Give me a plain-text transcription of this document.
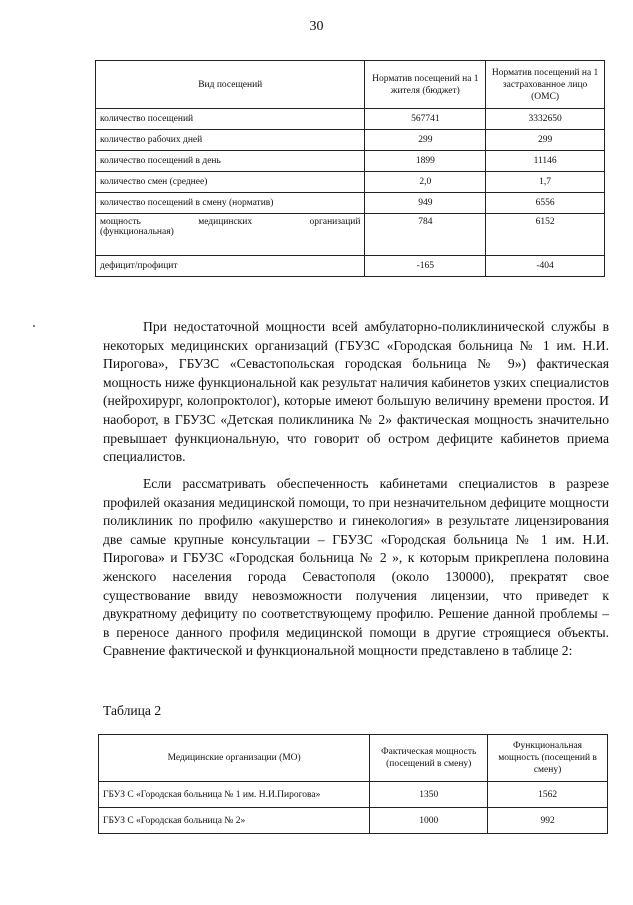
30
Вид посещений	Норматив посещений на 1 жителя (бюджет)	Норматив посещений на 1 застрахованное лицо (ОМС)
количество посещений	567741	3332650
количество рабочих дней	299	299
количество посещений в день	1899	11146
количество смен (среднее)	2,0	1,7
количество посещений в смену (норматив)	949	6556

мощность медицинских организаций
(функциональная)	784	6152
дефицит/профицит	-165	-404

При недостаточной мощности всей амбулаторно-поликлинической службы в некоторых медицинских организаций (ГБУЗС «Городская больница № 1 им. Н.И. Пирогова», ГБУЗС «Севастопольская городская больница № 9») фактическая мощность ниже функциональной как результат наличия кабинетов узких специалистов (нейрохирург, колопроктолог), которые имеют большую величину времени простоя. И наоборот, в ГБУЗС «Детская поликлиника № 2» фактическая мощность значительно превышает функциональную, что говорит об остром дефиците кабинетов приема специалистов.

Если рассматривать обеспеченность кабинетами специалистов в разрезе профилей оказания медицинской помощи, то при незначительном дефиците мощности поликлиник по профилю «акушерство и гинекология» в результате лицензирования две самые крупные консультации – ГБУЗС «Городская больница № 1 им. Н.И. Пирогова» и ГБУЗС «Городская больница № 2 », к которым прикреплена половина женского населения города Севастополя (около 130000), прекратят свое существование ввиду невозможности получения лицензии, что приведет к двукратному дефициту по соответствующему профилю. Решение данной проблемы – в переносе данного профиля медицинской помощи в другие строящиеся объекты. Сравнение фактической и функциональной мощности представлено в таблице 2:

Таблица 2
Медицинские организации (МО)	Фактическая мощность (посещений в смену)	Функциональная мощность (посещений в смену)
ГБУЗ С «Городская больница № 1 им. Н.И.Пирогова»	1350	1562
ГБУЗ С «Городская больница № 2»	1000	992
